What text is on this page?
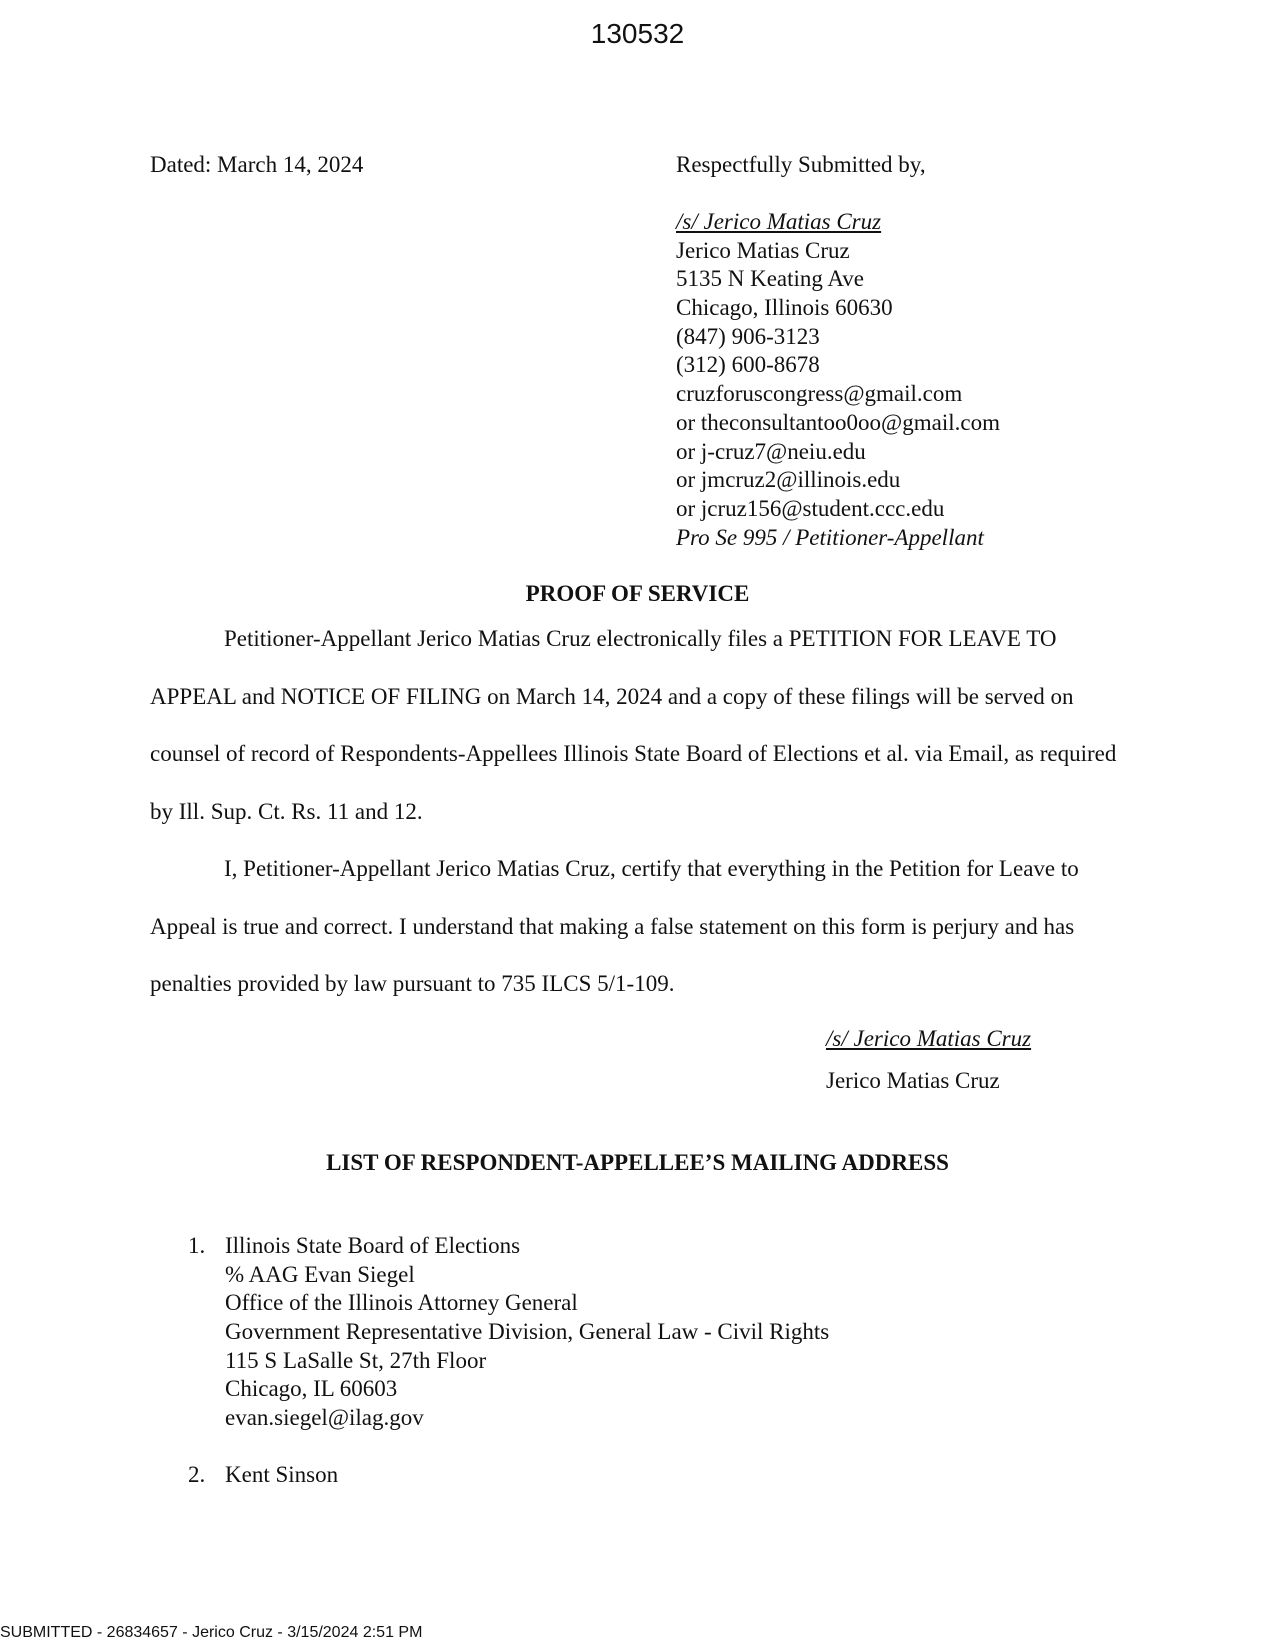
130532
Dated: March 14, 2024	Respectfully Submitted by,
/s/ Jerico Matias Cruz
Jerico Matias Cruz
5135 N Keating Ave
Chicago, Illinois 60630
(847) 906-3123
(312) 600-8678
cruzforuscongress@gmail.com
or theconsultantoo0oo@gmail.com
or j-cruz7@neiu.edu
or jmcruz2@illinois.edu
or jcruz156@student.ccc.edu
Pro Se 995 / Petitioner-Appellant
PROOF OF SERVICE

Petitioner-Appellant Jerico Matias Cruz electronically files a PETITION FOR LEAVE TO APPEAL and NOTICE OF FILING on March 14, 2024 and a copy of these filings will be served on counsel of record of Respondents-Appellees Illinois State Board of Elections et al. via Email, as required by Ill. Sup. Ct. Rs. 11 and 12.

I, Petitioner-Appellant Jerico Matias Cruz, certify that everything in the Petition for Leave to Appeal is true and correct. I understand that making a false statement on this form is perjury and has penalties provided by law pursuant to 735 ILCS 5/1-109.

/s/ Jerico Matias Cruz
Jerico Matias Cruz
LIST OF RESPONDENT-APPELLEE’S MAILING ADDRESS
1. Illinois State Board of Elections
% AAG Evan Siegel
Office of the Illinois Attorney General
Government Representative Division, General Law - Civil Rights
115 S LaSalle St, 27th Floor
Chicago, IL 60603
evan.siegel@ilag.gov
2. Kent Sinson
SUBMITTED - 26834657 - Jerico Cruz - 3/15/2024 2:51 PM
